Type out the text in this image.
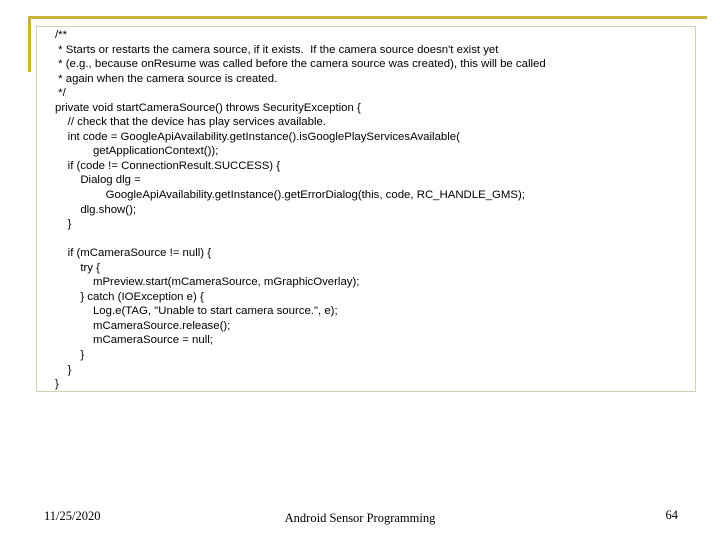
/**
* Starts or restarts the camera source, if it exists.  If the camera source doesn't exist yet
* (e.g., because onResume was called before the camera source was created), this will be called
* again when the camera source is created.
*/
private void startCameraSource() throws SecurityException {
// check that the device has play services available.
int code = GoogleApiAvailability.getInstance().isGooglePlayServicesAvailable(
getApplicationContext());
if (code != ConnectionResult.SUCCESS) {
Dialog dlg =
GoogleApiAvailability.getInstance().getErrorDialog(this, code, RC_HANDLE_GMS);
dlg.show();
}
if (mCameraSource != null) {
try {
mPreview.start(mCameraSource, mGraphicOverlay);
} catch (IOException e) {
Log.e(TAG, "Unable to start camera source.", e);
mCameraSource.release();
mCameraSource = null;
}
}
}
11/25/2020	Android Sensor Programming	64
